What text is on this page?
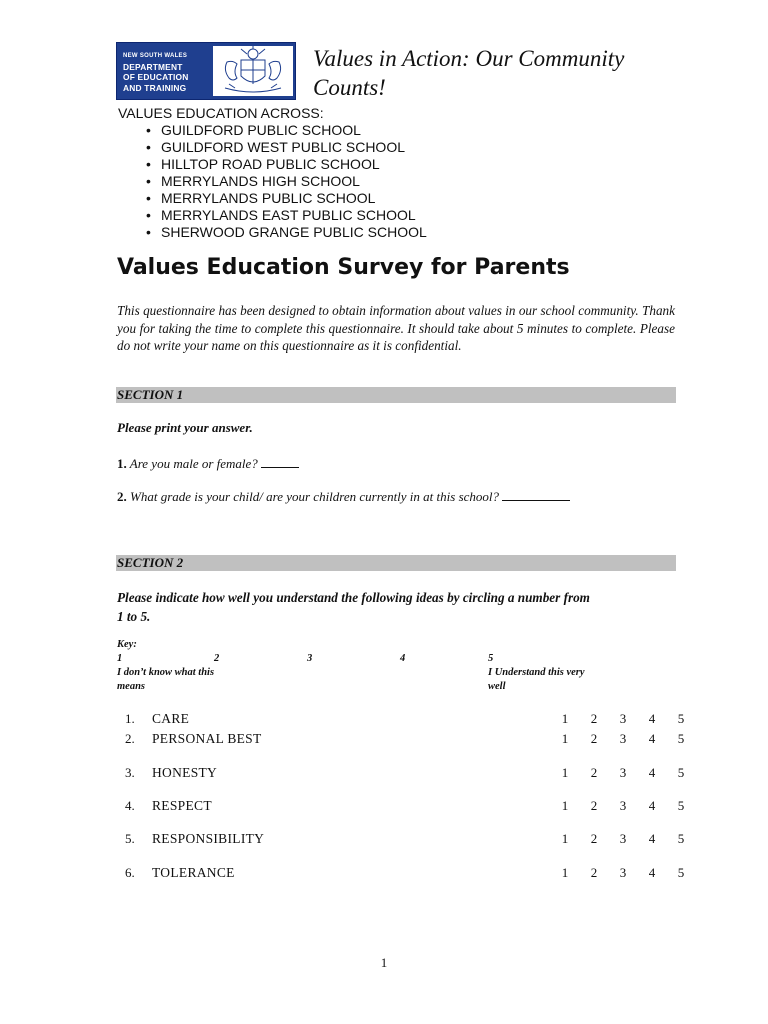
NEW SOUTH WALES
DEPARTMENT
OF EDUCATION
AND TRAINING
Values in Action: Our Community Counts!
VALUES EDUCATION ACROSS:
• GUILDFORD PUBLIC SCHOOL
• GUILDFORD WEST PUBLIC SCHOOL
• HILLTOP ROAD PUBLIC SCHOOL
• MERRYLANDS HIGH SCHOOL
• MERRYLANDS PUBLIC SCHOOL
• MERRYLANDS EAST PUBLIC SCHOOL
• SHERWOOD GRANGE PUBLIC SCHOOL
Values Education Survey for Parents
This questionnaire has been designed to obtain information about values in our school community. Thank you for taking the time to complete this questionnaire. It should take about 5 minutes to complete. Please do not write your name on this questionnaire as it is confidential.
SECTION 1
Please print your answer.
1. Are you male or female?
2. What grade is your child/ are your children currently in at this school?
SECTION 2
Please indicate how well you understand the following ideas by circling a number from 1 to 5.
Key:
1	2	3	4	5
I don’t know what this means
I Understand this very well
1. CARE	1 2 3 4 5
2. PERSONAL BEST	1 2 3 4 5
3. HONESTY	1 2 3 4 5
4. RESPECT	1 2 3 4 5
5. RESPONSIBILITY	1 2 3 4 5
6. TOLERANCE	1 2 3 4 5
1
